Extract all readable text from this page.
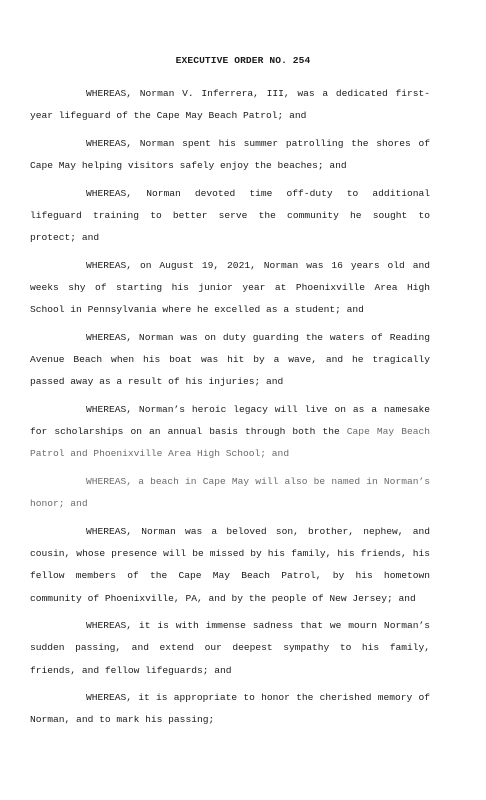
EXECUTIVE ORDER NO. 254

WHEREAS, Norman V. Inferrera, III, was a dedicated first-year lifeguard of the Cape May Beach Patrol; and

WHEREAS, Norman spent his summer patrolling the shores of Cape May helping visitors safely enjoy the beaches; and

WHEREAS, Norman devoted time off-duty to additional lifeguard training to better serve the community he sought to protect; and

WHEREAS, on August 19, 2021, Norman was 16 years old and weeks shy of starting his junior year at Phoenixville Area High School in Pennsylvania where he excelled as a student; and

WHEREAS, Norman was on duty guarding the waters of Reading Avenue Beach when his boat was hit by a wave, and he tragically passed away as a result of his injuries; and

WHEREAS, Norman’s heroic legacy will live on as a namesake for scholarships on an annual basis through both the Cape May Beach Patrol and Phoenixville Area High School; and

WHEREAS, a beach in Cape May will also be named in Norman’s honor; and

WHEREAS, Norman was a beloved son, brother, nephew, and cousin, whose presence will be missed by his family, his friends, his fellow members of the Cape May Beach Patrol, by his hometown community of Phoenixville, PA, and by the people of New Jersey; and

WHEREAS, it is with immense sadness that we mourn Norman’s sudden passing, and extend our deepest sympathy to his family, friends, and fellow lifeguards; and

WHEREAS, it is appropriate to honor the cherished memory of Norman, and to mark his passing;
